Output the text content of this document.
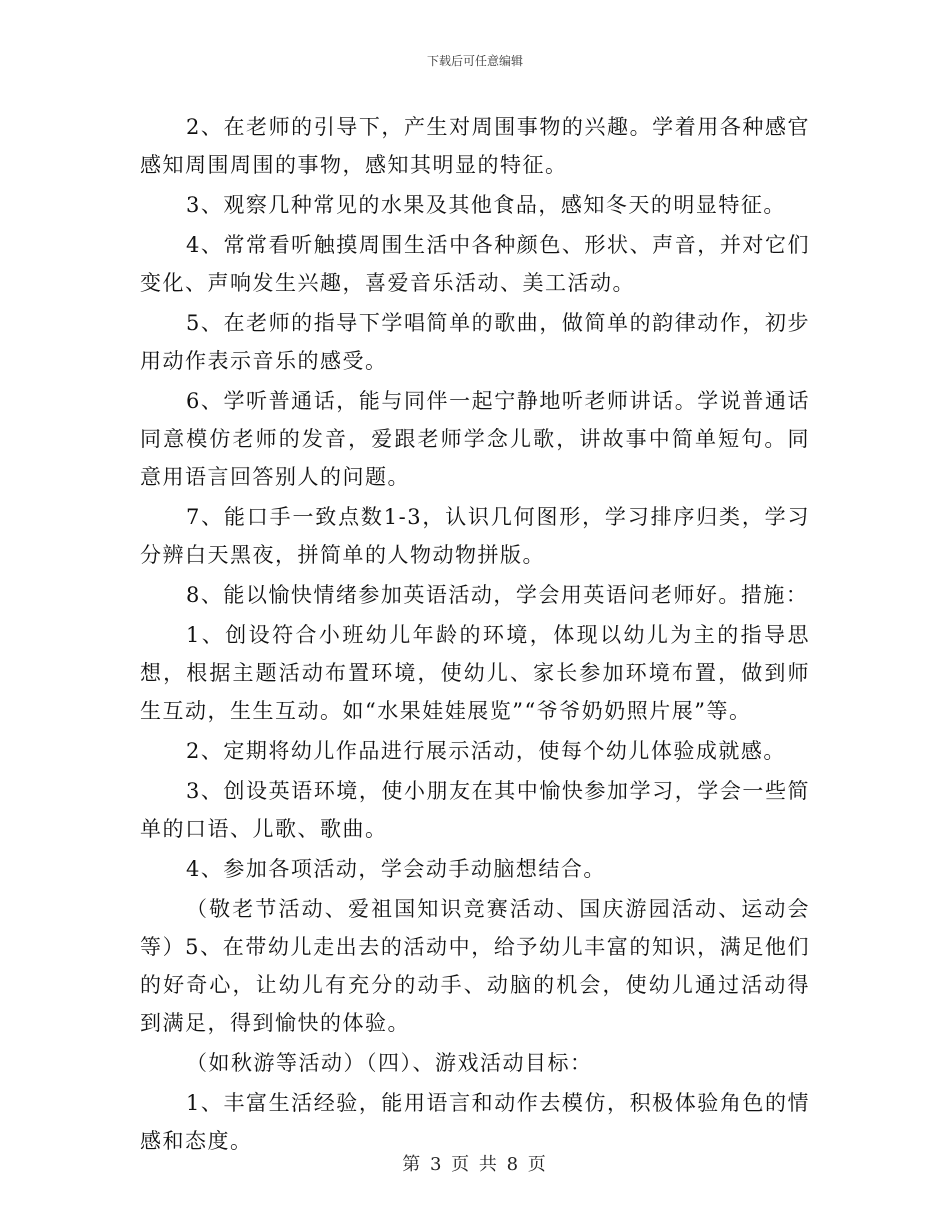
下载后可任意编辑

2、在老师的引导下，产生对周围事物的兴趣。学着用各种感官感知周围周围的事物，感知其明显的特征。

3、观察几种常见的水果及其他食品，感知冬天的明显特征。

4、常常看听触摸周围生活中各种颜色、形状、声音，并对它们变化、声响发生兴趣，喜爱音乐活动、美工活动。

5、在老师的指导下学唱简单的歌曲，做简单的韵律动作，初步用动作表示音乐的感受。

6、学听普通话，能与同伴一起宁静地听老师讲话。学说普通话同意模仿老师的发音，爱跟老师学念儿歌，讲故事中简单短句。同意用语言回答别人的问题。

7、能口手一致点数1-3，认识几何图形，学习排序归类，学习分辨白天黑夜，拼简单的人物动物拼版。

8、能以愉快情绪参加英语活动，学会用英语问老师好。措施：

1、创设符合小班幼儿年龄的环境，体现以幼儿为主的指导思想，根据主题活动布置环境，使幼儿、家长参加环境布置，做到师生互动，生生互动。如“水果娃娃展览”“爷爷奶奶照片展”等。

2、定期将幼儿作品进行展示活动，使每个幼儿体验成就感。

3、创设英语环境，使小朋友在其中愉快参加学习，学会一些简单的口语、儿歌、歌曲。

4、参加各项活动，学会动手动脑想结合。

（敬老节活动、爱祖国知识竞赛活动、国庆游园活动、运动会等）5、在带幼儿走出去的活动中，给予幼儿丰富的知识，满足他们的好奇心，让幼儿有充分的动手、动脑的机会，使幼儿通过活动得到满足，得到愉快的体验。

（如秋游等活动）（四）、游戏活动目标：

1、丰富生活经验，能用语言和动作去模仿，积极体验角色的情感和态度。

第 3 页 共 8 页
